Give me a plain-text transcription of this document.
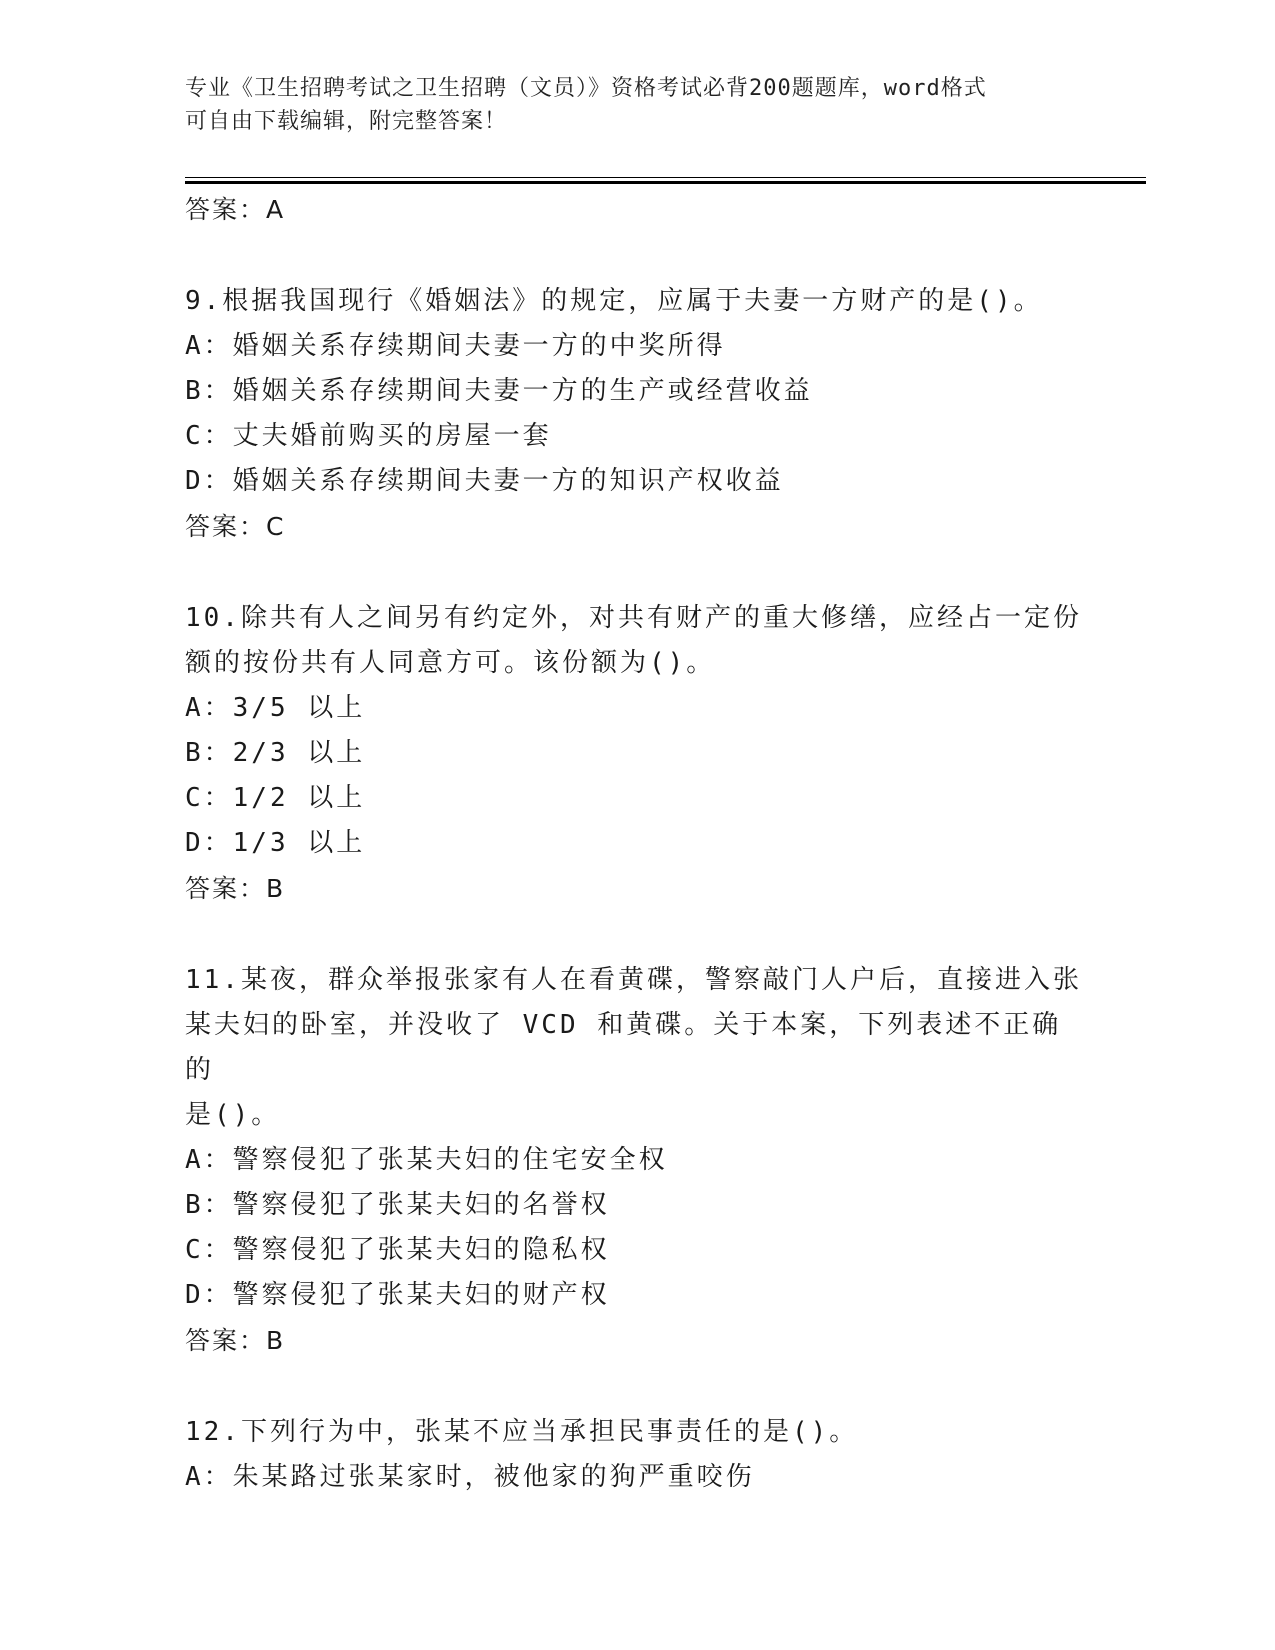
专业《卫生招聘考试之卫生招聘（文员）》资格考试必背200题题库，word格式
可自由下载编辑，附完整答案！

答案：A

9.根据我国现行《婚姻法》的规定，应属于夫妻一方财产的是()。

A：婚姻关系存续期间夫妻一方的中奖所得

B：婚姻关系存续期间夫妻一方的生产或经营收益

C：丈夫婚前购买的房屋一套

D：婚姻关系存续期间夫妻一方的知识产权收益

答案：C

10.除共有人之间另有约定外，对共有财产的重大修缮，应经占一定份

额的按份共有人同意方可。该份额为()。

A：3/5 以上

B：2/3 以上

C：1/2 以上

D：1/3 以上

答案：B

11.某夜，群众举报张家有人在看黄碟，警察敲门人户后，直接进入张

某夫妇的卧室，并没收了 VCD 和黄碟。关于本案，下列表述不正确的

是()。

A：警察侵犯了张某夫妇的住宅安全权

B：警察侵犯了张某夫妇的名誉权

C：警察侵犯了张某夫妇的隐私权

D：警察侵犯了张某夫妇的财产权

答案：B

12.下列行为中，张某不应当承担民事责任的是()。

A：朱某路过张某家时，被他家的狗严重咬伤
